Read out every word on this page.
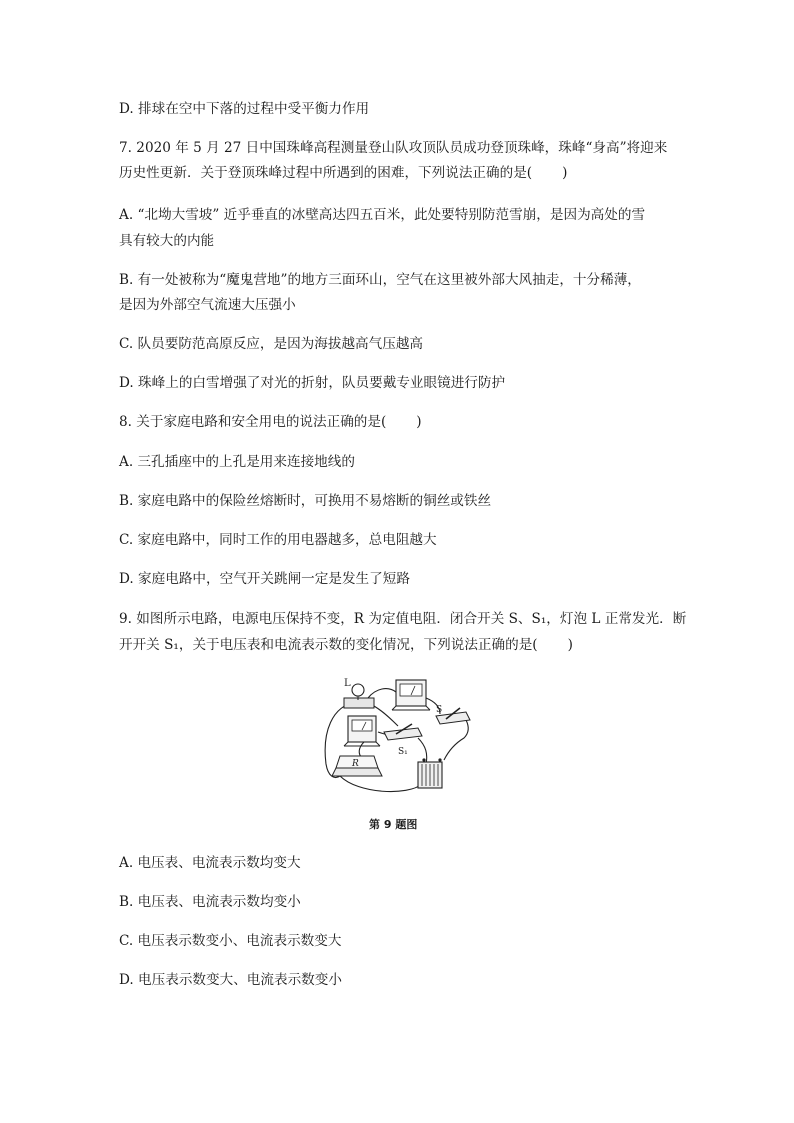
D. 排球在空中下落的过程中受平衡力作用
7. 2020 年 5 月 27 日中国珠峰高程测量登山队攻顶队员成功登顶珠峰，珠峰“身高”将迎来
历史性更新．关于登顶珠峰过程中所遇到的困难，下列说法正确的是( )
A. “北坳大雪坡” 近乎垂直的冰壁高达四五百米，此处要特别防范雪崩，是因为高处的雪
具有较大的内能
B. 有一处被称为“魔鬼营地”的地方三面环山，空气在这里被外部大风抽走，十分稀薄，
是因为外部空气流速大压强小
C. 队员要防范高原反应，是因为海拔越高气压越高
D. 珠峰上的白雪增强了对光的折射，队员要戴专业眼镜进行防护
8. 关于家庭电路和安全用电的说法正确的是( )
A. 三孔插座中的上孔是用来连接地线的
B. 家庭电路中的保险丝熔断时，可换用不易熔断的铜丝或铁丝
C. 家庭电路中，同时工作的用电器越多，总电阻越大
D. 家庭电路中，空气开关跳闸一定是发生了短路
9. 如图所示电路，电源电压保持不变，R 为定值电阻．闭合开关 S、S₁，灯泡 L 正常发光．断
开开关 S₁，关于电压表和电流表示数的变化情况，下列说法正确的是( )
L
S₁
S
R
第 9 题图
A. 电压表、电流表示数均变大
B. 电压表、电流表示数均变小
C. 电压表示数变小、电流表示数变大
D. 电压表示数变大、电流表示数变小
